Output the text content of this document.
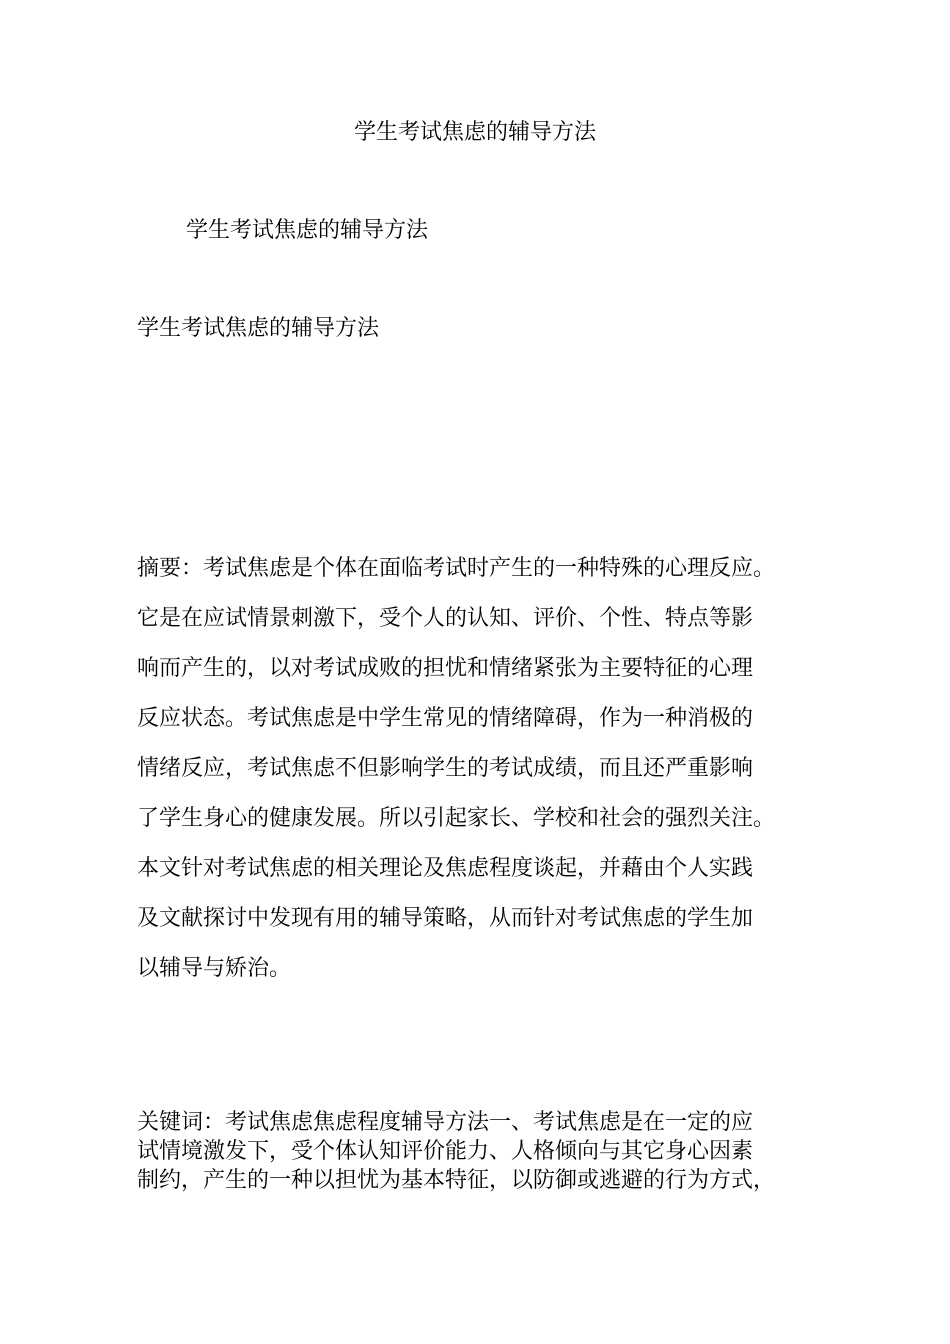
学生考试焦虑的辅导方法
学生考试焦虑的辅导方法
学生考试焦虑的辅导方法
摘要：考试焦虑是个体在面临考试时产生的一种特殊的心理反应。
它是在应试情景刺激下，受个人的认知、评价、个性、特点等影
响而产生的，以对考试成败的担忧和情绪紧张为主要特征的心理
反应状态。考试焦虑是中学生常见的情绪障碍，作为一种消极的
情绪反应，考试焦虑不但影响学生的考试成绩，而且还严重影响
了学生身心的健康发展。所以引起家长、学校和社会的强烈关注。
本文针对考试焦虑的相关理论及焦虑程度谈起，并藉由个人实践
及文献探讨中发现有用的辅导策略，从而针对考试焦虑的学生加
以辅导与矫治。
关键词：考试焦虑焦虑程度辅导方法一、考试焦虑是在一定的应
试情境激发下，受个体认知评价能力、人格倾向与其它身心因素
制约，产生的一种以担忧为基本特征，以防御或逃避的行为方式，
